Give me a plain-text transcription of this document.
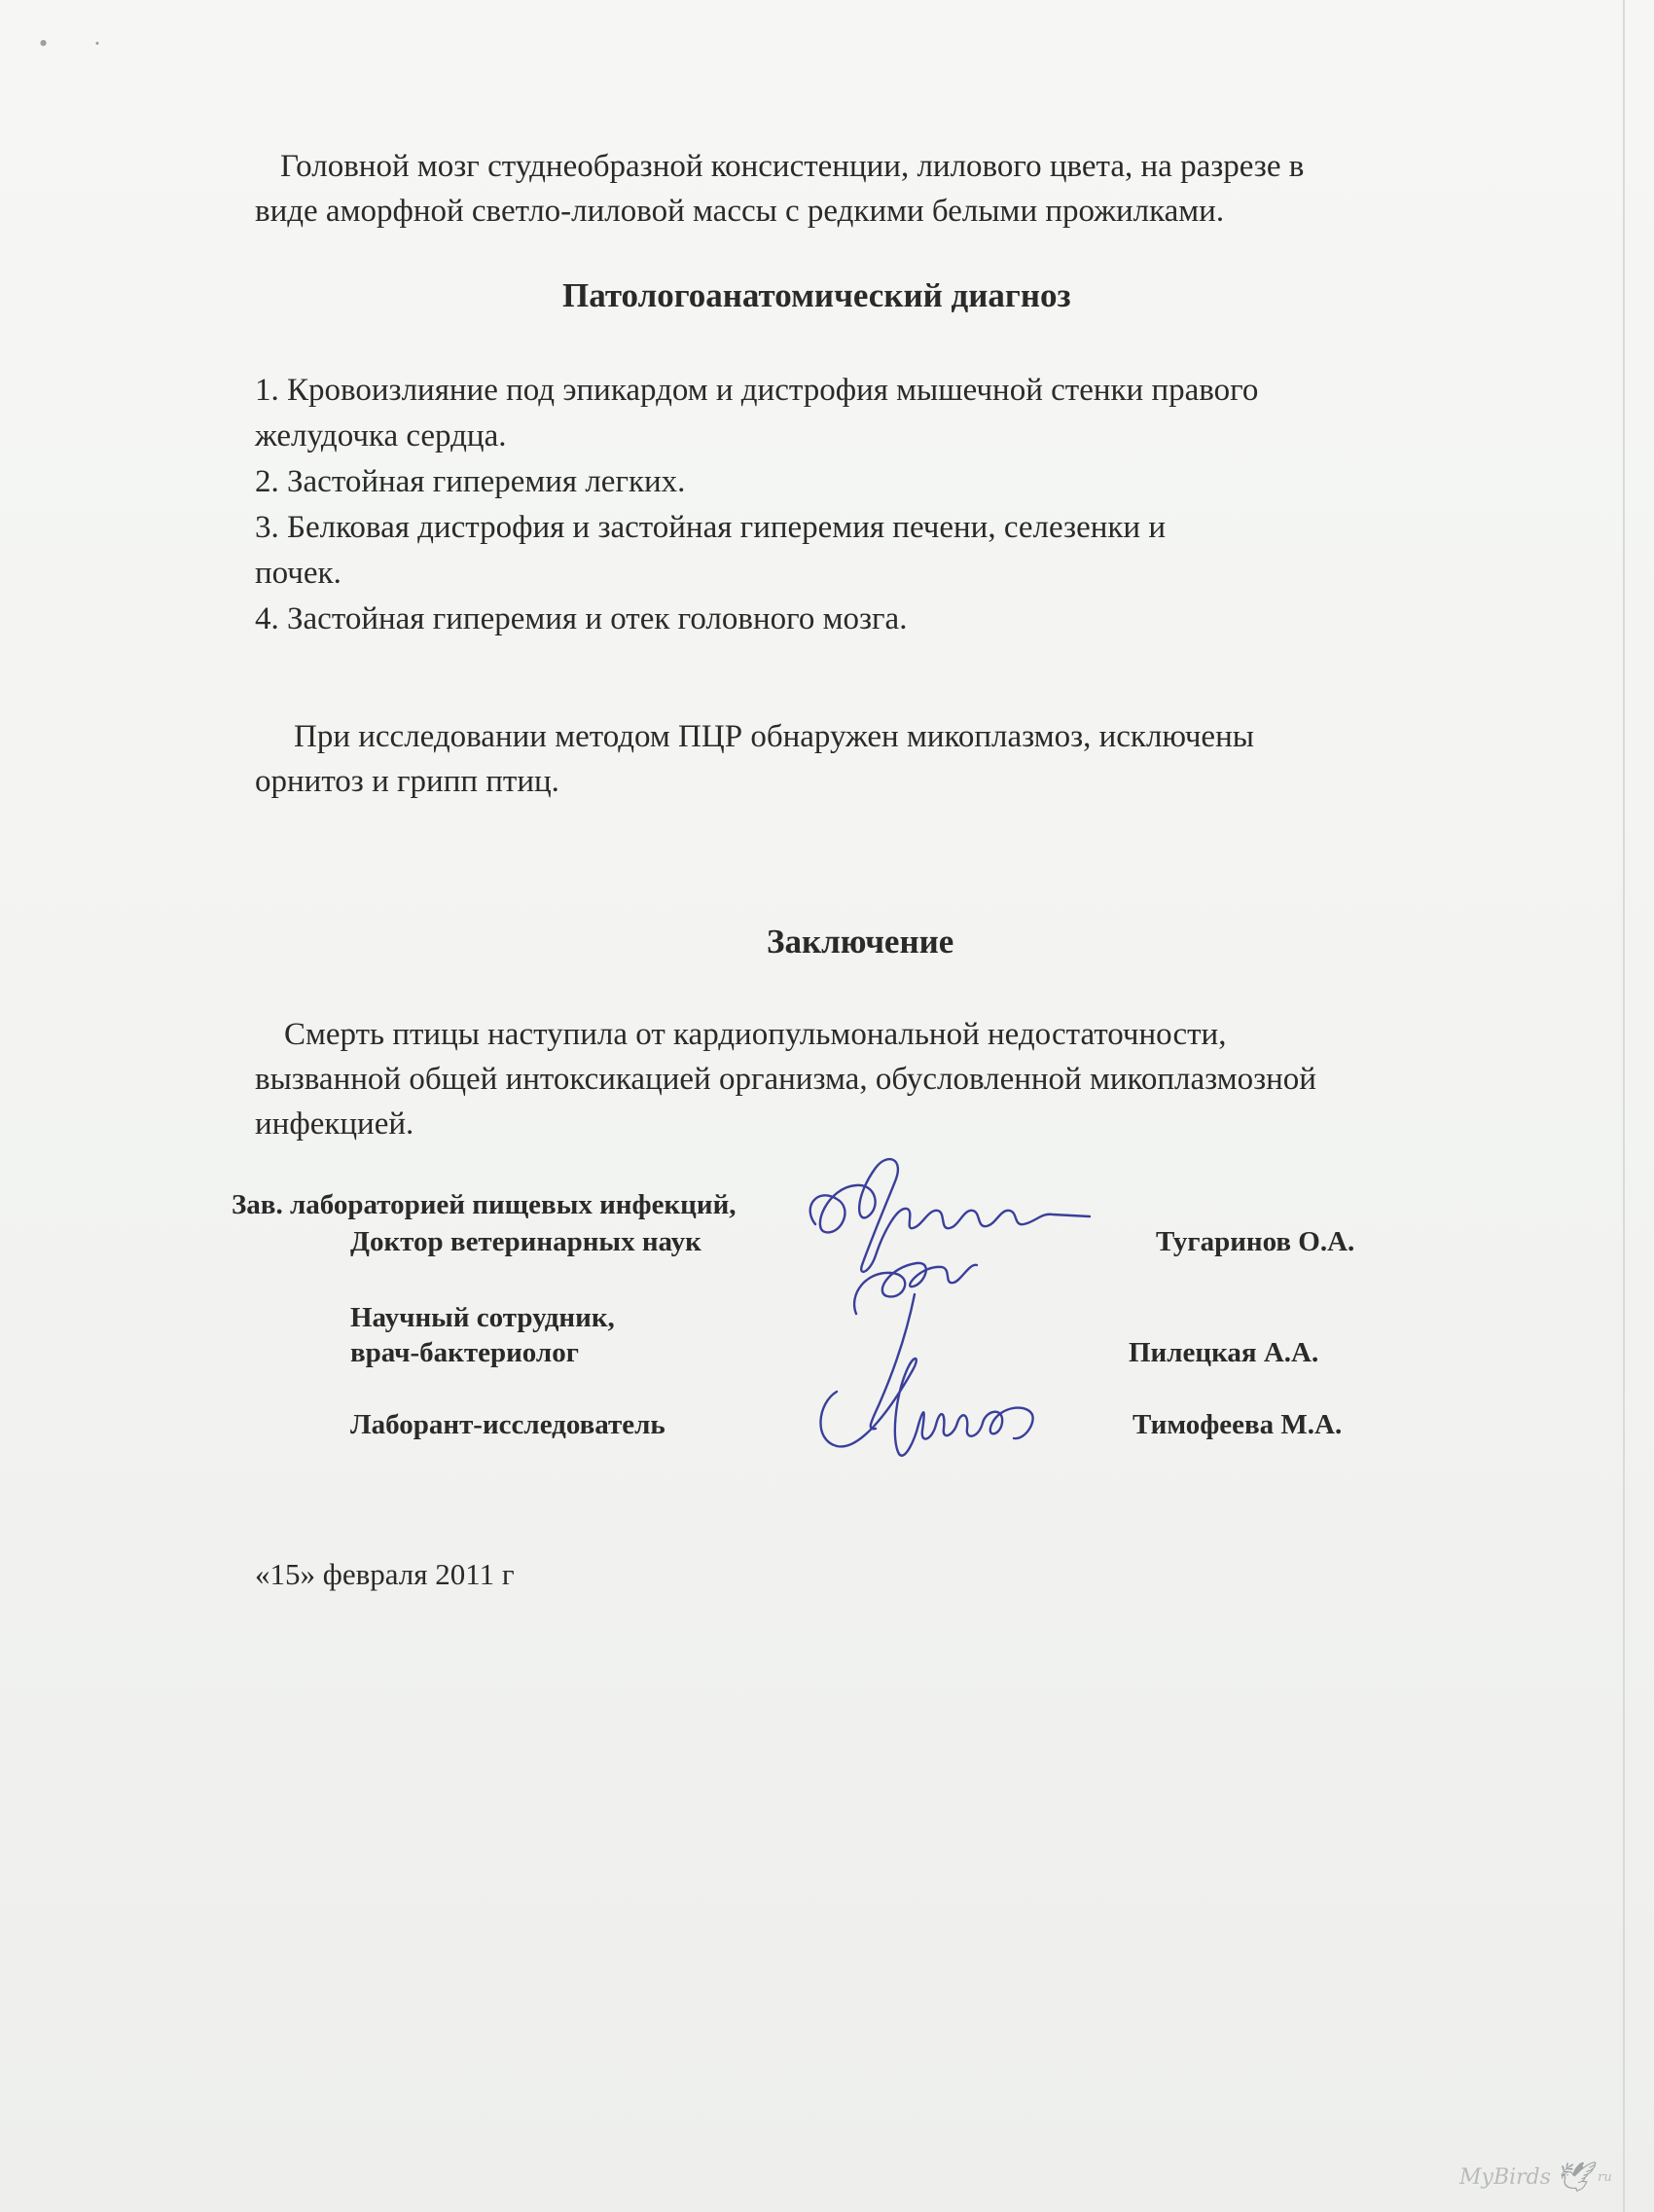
• ·

Головной мозг студнеобразной консистенции, лилового цвета, на разрезе в

виде аморфной светло-лиловой массы с редкими белыми прожилками.

Патологоанатомический диагноз
1. Кровоизлияние под эпикардом и дистрофия мышечной стенки правого
желудочка сердца.
2. Застойная гиперемия легких.
3. Белковая дистрофия и застойная гиперемия печени, селезенки и
почек.
4. Застойная гиперемия и отек головного мозга.

При исследовании методом ПЦР обнаружен микоплазмоз, исключены

орнитоз и грипп птиц.

Заключение

Смерть птицы наступила от кардиопульмональной недостаточности,

вызванной общей интоксикацией организма, обусловленной микоплазмозной

инфекцией.

Зав. лабораторией пищевых инфекций,

Доктор ветеринарных наук	Тугаринов О.А.

Научный сотрудник,

врач-бактериолог	Пилецкая А.А.

Лаборант-исследователь	Тимофеева М.А.

«15» февраля 2011 г

MyBirds 🕊 ru
